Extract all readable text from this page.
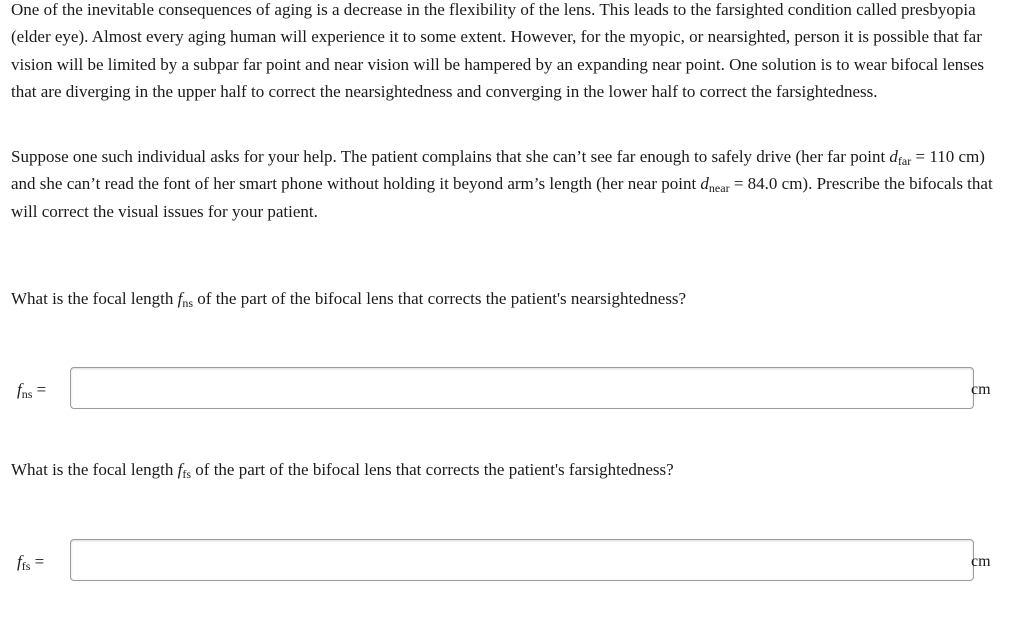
One of the inevitable consequences of aging is a decrease in the flexibility of the lens. This leads to the farsighted condition called presbyopia (elder eye). Almost every aging human will experience it to some extent. However, for the myopic, or nearsighted, person it is possible that far vision will be limited by a subpar far point and near vision will be hampered by an expanding near point. One solution is to wear bifocal lenses that are diverging in the upper half to correct the nearsightedness and converging in the lower half to correct the farsightedness.

Suppose one such individual asks for your help. The patient complains that she can’t see far enough to safely drive (her far point $d_{far} = 110$ cm) and she can’t read the font of her smart phone without holding it beyond arm’s length (her near point $d_{near} = 84.0$ cm). Prescribe the bifocals that will correct the visual issues for your patient.

What is the focal length $f_{ns}$ of the part of the bifocal lens that corrects the patient's nearsightedness?

$f_{ns}$ =	cm

What is the focal length $f_{fs}$ of the part of the bifocal lens that corrects the patient's farsightedness?

$f_{fs}$ =	cm
